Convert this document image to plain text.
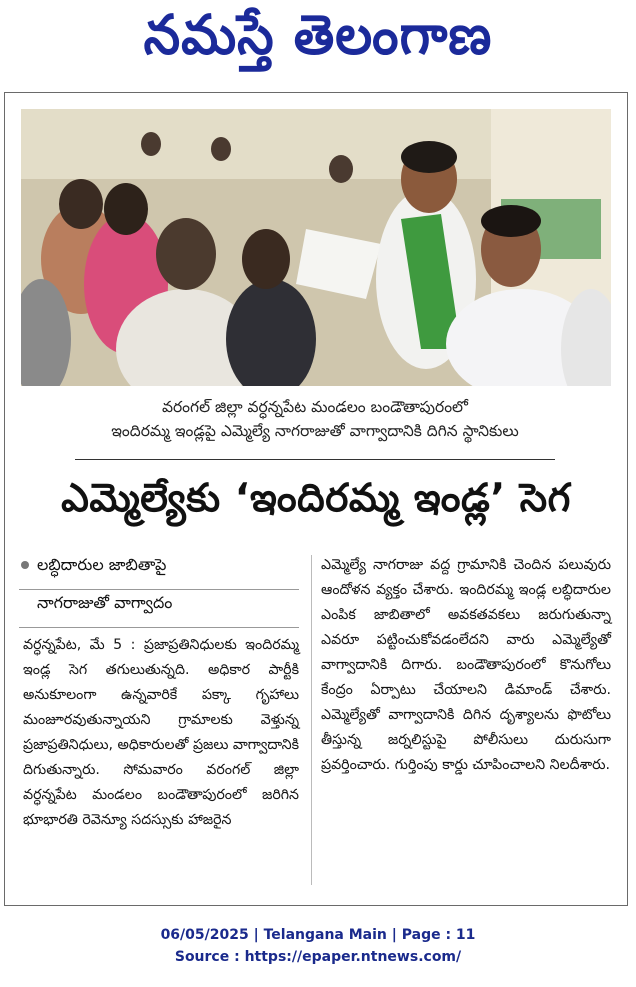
నమస్తే తెలంగాణ
వరంగల్ జిల్లా వర్ధన్నపేట మండలం బండౌతాపురంలో
ఇందిరమ్మ ఇండ్లపై ఎమ్మెల్యే నాగరాజుతో వాగ్వాదానికి దిగిన స్థానికులు
ఎమ్మెల్యేకు ‘ఇందిరమ్మ ఇండ్ల’ సెగ
లబ్ధిదారుల జాబితాపై
నాగరాజుతో వాగ్వాదం

వర్ధన్నపేట, మే 5 : ప్రజాప్రతినిధులకు ఇందిరమ్మ ఇండ్ల సెగ తగులుతున్నది. అధికార పార్టీకి అనుకూలంగా ఉన్నవారికే పక్కా గృహాలు మంజూరవుతున్నాయని గ్రామాలకు వెళ్తున్న ప్రజాప్రతినిధులు, అధికారులతో ప్రజలు వాగ్వాదానికి దిగుతున్నారు. సోమవారం వరంగల్ జిల్లా వర్ధన్నపేట మండలం బండౌతాపురంలో జరిగిన భూభారతి రెవెన్యూ సదస్సుకు హాజరైన

ఎమ్మెల్యే నాగరాజు వద్ద గ్రామానికి చెందిన పలువురు ఆందోళన వ్యక్తం చేశారు. ఇందిరమ్మ ఇండ్ల లబ్ధిదారుల ఎంపిక జాబితాలో అవకతవకలు జరుగుతున్నా ఎవరూ పట్టించుకోవడంలేదని వారు ఎమ్మెల్యేతో వాగ్వాదానికి దిగారు. బండౌతాపురంలో కొనుగోలు కేంద్రం ఏర్పాటు చేయాలని డిమాండ్ చేశారు. ఎమ్మెల్యేతో వాగ్వాదానికి దిగిన దృశ్యాలను ఫొటోలు తీస్తున్న జర్నలిస్టుపై పోలీసులు దురుసుగా ప్రవర్తించారు. గుర్తింపు కార్డు చూపించాలని నిలదీశారు.

06/05/2025 | Telangana Main | Page : 11
Source : https://epaper.ntnews.com/
